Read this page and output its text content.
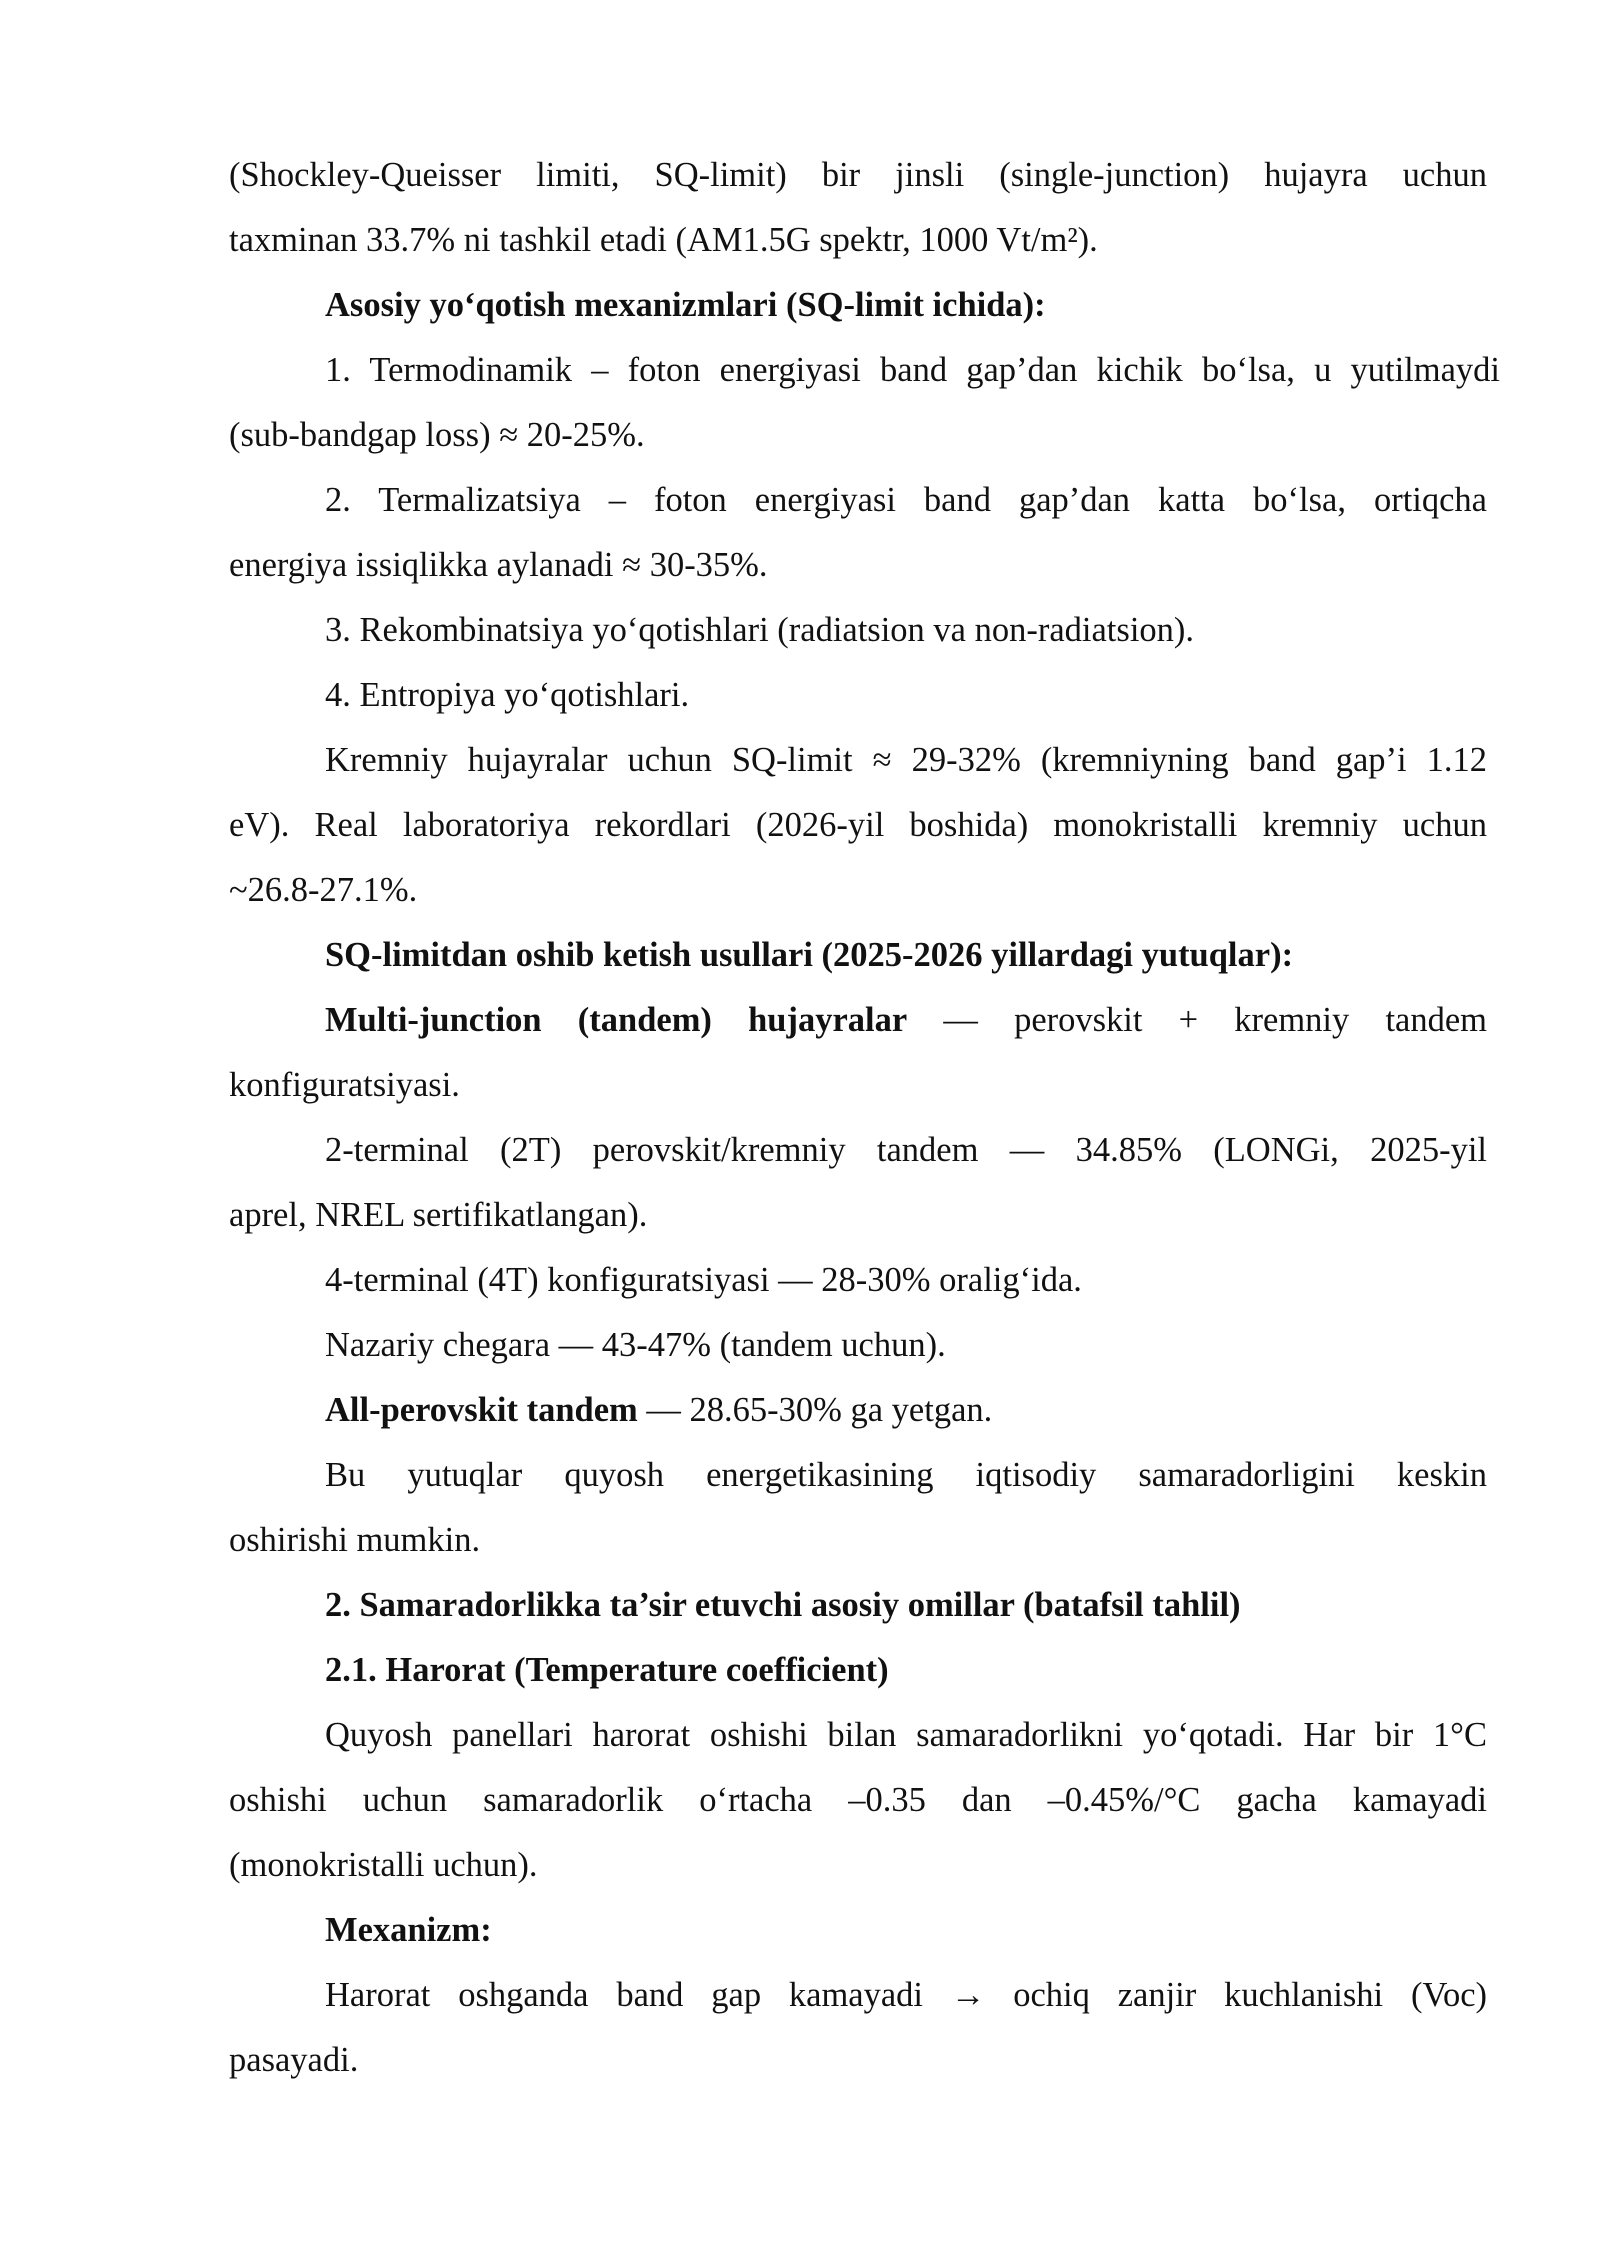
(Shockley-Queisser limiti, SQ-limit) bir jinsli (single-junction) hujayra uchun
taxminan 33.7% ni tashkil etadi (AM1.5G spektr, 1000 Vt/m²).
Asosiy yo‘qotish mexanizmlari (SQ-limit ichida):
1. Termodinamik – foton energiyasi band gap’dan kichik bo‘lsa, u yutilmaydi
(sub-bandgap loss) ≈ 20-25%.
2. Termalizatsiya – foton energiyasi band gap’dan katta bo‘lsa, ortiqcha
energiya issiqlikka aylanadi ≈ 30-35%.
3. Rekombinatsiya yo‘qotishlari (radiatsion va non-radiatsion).
4. Entropiya yo‘qotishlari.
Kremniy hujayralar uchun SQ-limit ≈ 29-32% (kremniyning band gap’i 1.12
eV). Real laboratoriya rekordlari (2026-yil boshida) monokristalli kremniy uchun
~26.8-27.1%.
SQ-limitdan oshib ketish usullari (2025-2026 yillardagi yutuqlar):
Multi-junction (tandem) hujayralar — perovskit + kremniy tandem
konfiguratsiyasi.
2-terminal (2T) perovskit/kremniy tandem — 34.85% (LONGi, 2025-yil
aprel, NREL sertifikatlangan).
4-terminal (4T) konfiguratsiyasi — 28-30% oralig‘ida.
Nazariy chegara — 43-47% (tandem uchun).
All-perovskit tandem — 28.65-30% ga yetgan.
Bu yutuqlar quyosh energetikasining iqtisodiy samaradorligini keskin
oshirishi mumkin.
2. Samaradorlikka ta’sir etuvchi asosiy omillar (batafsil tahlil)
2.1. Harorat (Temperature coefficient)
Quyosh panellari harorat oshishi bilan samaradorlikni yo‘qotadi. Har bir 1°C
oshishi uchun samaradorlik o‘rtacha –0.35 dan –0.45%/°C gacha kamayadi
(monokristalli uchun).
Mexanizm:
Harorat oshganda band gap kamayadi → ochiq zanjir kuchlanishi (Voc)
pasayadi.
